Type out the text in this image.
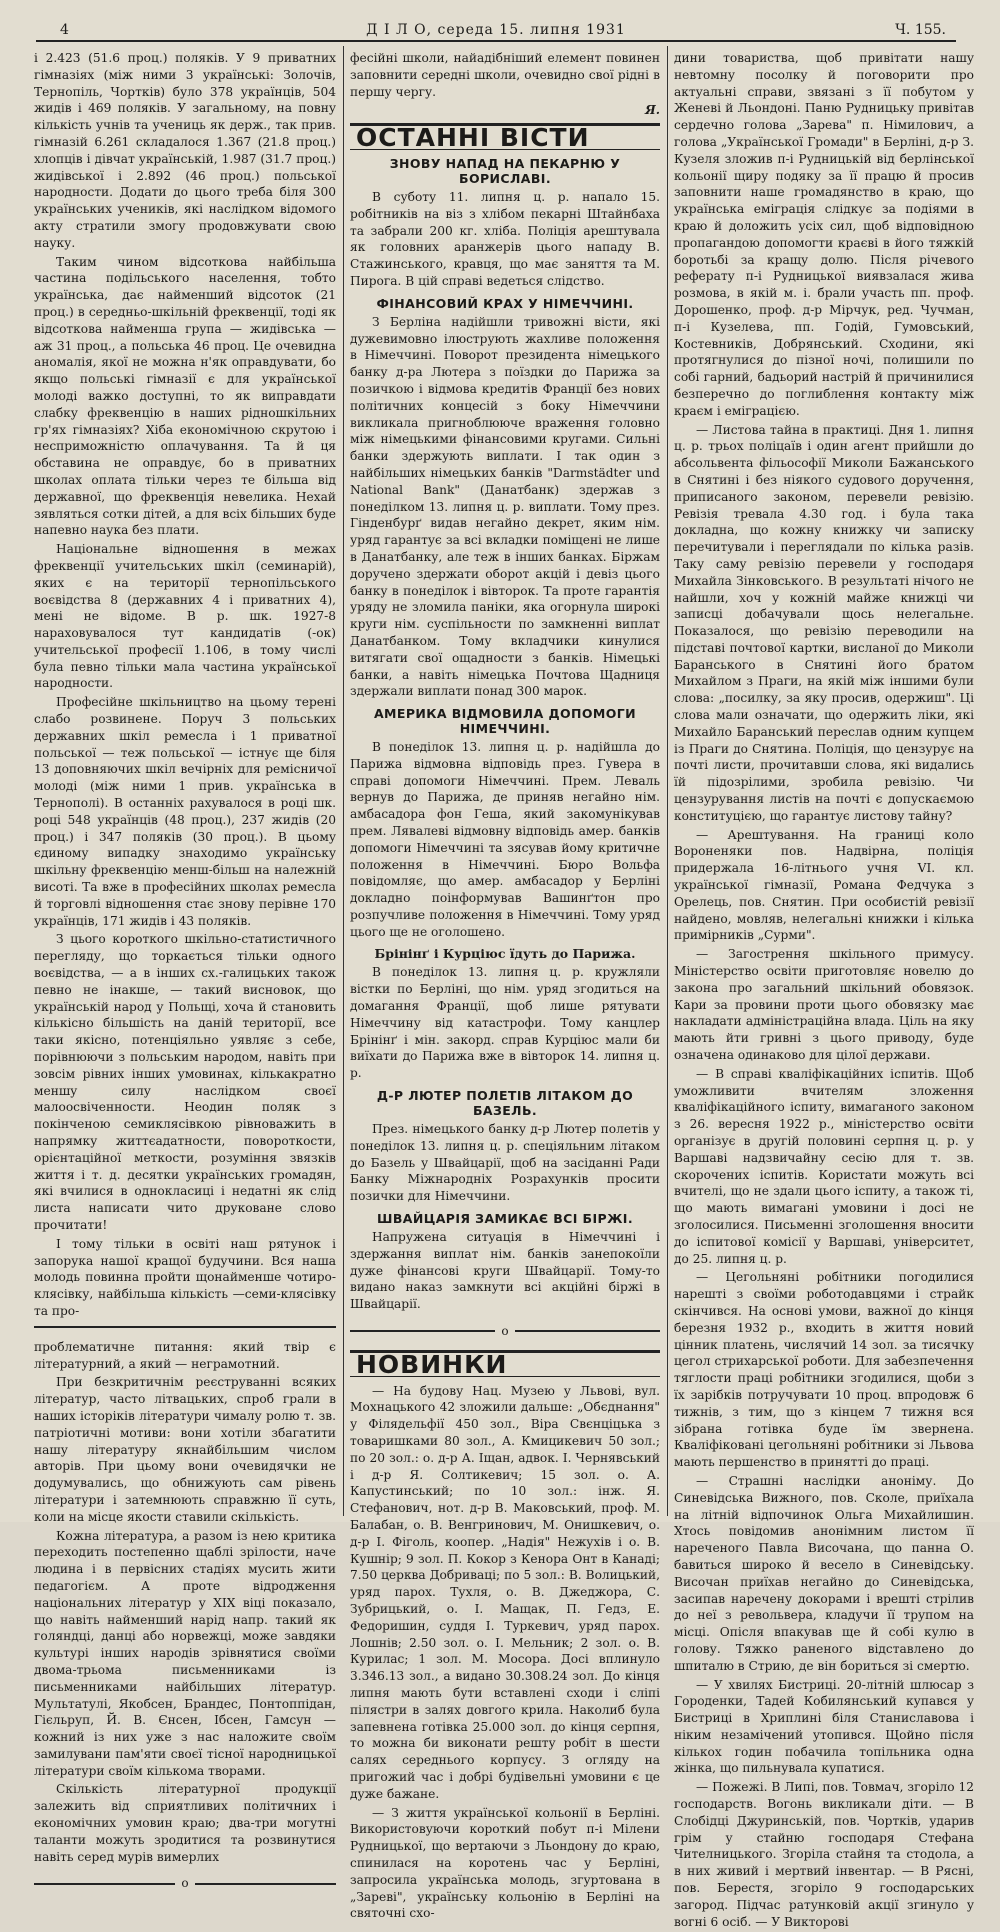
4	Д І Л О, середа 15. липня 1931	Ч. 155.

і 2.423 (51.6 проц.) поляків. У 9 приватних гімназіях (між ними 3 українські: Золочів, Тернопіль, Чортків) було 378 українців, 504 жидів і 469 поляків. У загальному, на повну кількість учнів та учениць як держ., так прив. гімназій 6.261 складалося 1.367 (21.8 проц.) хлопців і дівчат українській, 1.987 (31.7 проц.) жидівської і 2.892 (46 проц.) польської народности. Додати до цього треба біля 300 українських учеників, які наслідком відомого акту стратили змогу продовжувати свою науку.

Таким чином відсоткова найбільша частина подільського населення, тобто українська, дає найменший відсоток (21 проц.) в середньо-шкільній фреквенції, тоді як відсоткова найменша група — жидівська — аж 31 проц., а польська 46 проц. Це очевидна аномалія, якої не можна н'як оправдувати, бо якщо польські гімназії є для української молоді важко доступні, то як виправдати слабку фреквенцію в наших рідношкільних гр'ях гімназіях? Хіба економічною скрутою і несприможністю оплачування. Та й ця обставина не оправдує, бо в приватних школах оплата тільки через те більша від державної, що фреквенція невелика. Нехай зявляться сотки дітей, а для всіх більших буде напевно наука без плати.

Національне відношення в межах фреквенції учительських шкіл (семинарій), яких є на території тернопільського воєвідства 8 (державних 4 і приватних 4), мені не відоме. В р. шк. 1927-8 нараховувалося тут кандидатів (-ок) учительської професії 1.106, в тому числі була певно тільки мала частина української народности.

Професійне шкільництво на цьому терені слабо розвинене. Поруч 3 польських державних шкіл ремесла і 1 приватної польської — теж польської — істнує ще біля 13 доповняючих шкіл вечірніх для ремісничої молоді (між ними 1 прив. українська в Тернополі). В останніх рахувалося в році шк. році 548 українців (48 проц.), 237 жидів (20 проц.) і 347 поляків (30 проц.). В цьому єдиному випадку знаходимо українську шкільну фреквенцію менш-більш на належній висоті. Та вже в професійних школах ремесла й торговлі відношення стає знову перівне 170 українців, 171 жидів і 43 поляків.

З цього короткого шкільно-статистичного перегляду, що торкається тільки одного воєвідства, — а в інших сх.-галицьких також певно не інакше, — такий висновок, що українській народ у Польщі, хоча й становить кількісно більшість на даній території, все таки якісно, потенціяльно уявляє з себе, порівнюючи з польським народом, навіть при зовсім рівних інших умовинах, кількакратно меншу силу наслідком своєї малоосвіченности. Неодин поляк з покінченою семиклясівкою рівноважить в напрямку життєадатности, повороткости, орієнтаційної меткости, розуміння звязків життя і т. д. десятки українських громадян, які вчилися в однокласиці і недатні як слід листа написати чито друковане слово прочитати!

І тому тільки в освіті наш рятунок і запорука нашої кращої будучини. Вся наша молодь повинна пройти щонайменше чотиро-клясівку, найбільша кількість —семи-клясівку та про-

проблематичне питання: який твір є літературний, а який — неграмотний.

При безкритичнім реєструванні всяких літератур, часто літвацьких, спроб грали в наших історіків літератури чималу ролю т. зв. патріотичні мотиви: вони хотіли збагатити нашу літературу якнайбільшим числом авторів. При цьому вони очевидячки не додумувались, що обнижують сам рівень літератури і затемнюють справжню її суть, коли на місце якости ставили скількість.

Кожна література, а разом із нею критика переходить постепенно щаблі зрілости, наче людина і в первісних стадіях мусить жити педагогієм. А проте відродження національних літератур у XIX віці показало, що навіть найменший нарід напр. такий як голяндці, данці або норвежці, може завдяки культурі інших народів зрівнятися своїми двома-трьома письменниками із письменниками найбільших літератур. Мультатулі, Якобсен, Брандес, Понтоппідан, Гієльруп, Й. В. Єнсен, Ібсен, Гамсун — кожний із них уже з нас наложитe своїм замилувани пам'яти своєї тісної народницької літератури своїм кількома творами.

Скількість літературної продукції залежить від сприятливих політичних і економічних умовин краю; два-три могутні таланти можуть зродитися та розвинутися навіть серед мурів вимерлих

о

фесійні школи, найадібніший елемент повинен заповнити середні школи, очевидно свої рідні в першу чергу.

Я.
ОСТАННІ ВІСТИ
ЗНОВУ НАПАД НА ПЕКАРНЮ У БОРИСЛАВІ.

В суботу 11. липня ц. р. напало 15. робітників на віз з хлібом пекарні Штайнбаха та забрали 200 кг. хліба. Поліція арештувала як головних аранжерів цього нападу В. Стажинського, кравця, що має заняття та М. Пирога. В цій справі ведеться слідство.

ФІНАНСОВИЙ КРАХ У НІМЕЧЧИНІ.

З Берліна надійшли тривожні вісти, які дужевимовно ілюструють жахливе положення в Німеччині. Поворот президента німецького банку д-ра Лютера з поїздки до Парижа за позичкою і відмова кредитів Франції без нових політичних концесій з боку Німеччини викликала пригноблююче враження головно між німецькими фінансовими кругами. Сильні банки здержують виплати. І так один з найбільших німецьких банків "Darmstädter und National Bank" (Данатбанк) здержав з понеділком 13. липня ц. р. виплати. Тому през. Гінденбурґ видав негайно декрет, яким нім. уряд гарантує за всі вкладки поміщені не лише в Данатбанку, але теж в інших банках. Біржам доручено здержати оборот акцій і девіз цього банку в понеділок і вівторок. Та проте гарантія уряду не зломила паніки, яка огорнула широкі круги нім. суспільности по замкненні виплат Данатбанком. Тому вкладчики кинулися витягати свої ощадности з банків. Німецькі банки, а навіть німецька Почтова Щадниця здержали виплати понад 300 марок.

АМЕРИКА ВІДМОВИЛА ДОПОМОГИ НІМЕЧЧИНІ.

В понеділок 13. липня ц. р. надійшла до Парижа відмовна відповідь през. Гувера в справі допомоги Німеччині. Прем. Леваль вернув до Парижа, де приняв негайно нім. амбасадора фон Геша, який закомунікував прем. Лявалеві відмовну відповідь амер. банків допомоги Німеччині та зясував йому критичне положення в Німеччині. Бюро Вольфа повідомляє, що амер. амбасадор у Берліні докладно поінформував Вашинґтон про розпучливе положення в Німеччині. Тому уряд цього ще не оголошено.

Брінінґ і Курціюс їдуть до Парижа.

В понеділок 13. липня ц. р. кружляли вістки по Берліні, що нім. уряд згодиться на домагання Франції, щоб лише рятувати Німеччину від катастрофи. Тому канцлер Брінінґ і мін. закорд. справ Курціюс мали би виїхати до Парижа вже в вівторок 14. липня ц. р.

Д-Р ЛЮТЕР ПОЛЕТІВ ЛІТАКОМ ДО БАЗЕЛЬ.

През. німецького банку д-р Лютер полетів у понеділок 13. липня ц. р. спеціяльним літаком до Базель у Швайцарії, щоб на засіданні Ради Банку Міжнародніх Розрахунків просити позички для Німеччини.

ШВАЙЦАРІЯ ЗАМИКАЄ ВСІ БІРЖІ.

Напружена ситуація в Німеччині і здержання виплат нім. банків занепокоїли дуже фінансові круги Швайцарії. Тому-то видано наказ замкнути всі акційні біржі в Швайцарії.

о
НОВИНКИ

— На будову Нац. Музею у Львові, вул. Мохнацького 42 зложили дальше: „Обєднання" у Філядельфії 450 зол., Віра Свєнціцька з товаришками 80 зол., А. Кмицикевич 50 зол.; по 20 зол.: о. д-р А. Іщан, адвок. І. Чернявський і д-р Я. Солтикевич; 15 зол. о. А. Капустинський; по 10 зол.: інж. Я. Стефанович, нот. д-р В. Маковський, проф. М. Балабан, о. В. Венгринович, М. Онишкевич, о. д-р І. Фіголь, коопер. „Надія" Нежухів і о. В. Кушнір; 9 зол. П. Кокор з Кенора Онт в Канаді; 7.50 церква Добриваці; по 5 зол.: В. Волицький, уряд парох. Тухля, о. В. Джеджора, С. Зубрицький, о. І. Мащак, П. Гедз, Е. Федоришин, суддя І. Туркевич, уряд парох. Лошнів; 2.50 зол. о. І. Мельник; 2 зол. о. В. Курилас; 1 зол. М. Мосора. Досі вплинуло 3.346.13 зол., а видано 30.308.24 зол. До кінця липня мають бути вставлені сходи і сліпі пілястри в залях довгого крила. Наколиб була запевнена готівка 25.000 зол. до кінця серпня, то можна би виконати решту робіт в шести салях середнього корпусу. З огляду на пригожий час і добрі будівельні умовини є це дуже бажане.

— З життя української кольонії в Берліні. Використовуючи короткий побут п-і Мілени Рудницької, що вертаючи з Льондону до краю, спинилася на коротень час у Берліні, запросила українська молодь, згуртована в „Зареві", українську кольонію в Берліні на святочні схо-

дини товариства, щоб привітати нашу невтомну посолку й поговорити про актуальні справи, звязані з її побутом у Женеві й Льондоні. Паню Рудницьку привітав сердечно голова „Зарева" п. Німилович, а голова „Української Громади" в Берліні, д-р З. Кузеля зложив п-і Рудницькій від берлінської кольонії щиру подяку за її працю й просив заповнити наше громадянство в краю, що українська еміграція слідкує за подіями в краю й доложить усіх сил, щоб відповідною пропагандою допомогти краєві в його тяжкій боротьбі за кращу долю. Після річевого реферату п-і Рудницької виявзалася жива розмова, в якій м. і. брали участь пп. проф. Дорошенко, проф. д-р Мірчук, ред. Чучман, п-і Кузелева, пп. Годій, Гумовський, Костевників, Добрянський. Сходини, які протягнулися до пізної ночі, полишили по собі гарний, бадьорий настрій й причинилися безперечно до поглиблення контакту між краєм і еміграцією.

— Листова тайна в практиці. Дня 1. липня ц. р. трьох поліцаїв і один агент прийшли до абсольвента фільософії Миколи Бажанського в Снятині і без ніякого судового доручення, приписаного законом, перевели ревізію. Ревізія тревала 4.30 год. і була така докладна, що кожну книжку чи записку перечитували і переглядали по кілька разів. Таку саму ревізію перевели у господаря Михайла Зінковського. В результаті нічого не найшли, хоч у кожній майже книжці чи записці добачували щось нелегальне. Показалося, що ревізію переводили на підставі почтової картки, висланої до Миколи Баранського в Снятині його братом Михайлом з Праги, на якій між іншими були слова: „посилку, за яку просив, одержиш". Ці слова мали означати, що одержить ліки, які Михайло Баранський переслав одним купцем із Праги до Снятина. Поліція, що цензурує на почті листи, прочитавши слова, які видались їй підозрілими, зробила ревізію. Чи цензурування листів на почті є допускаємою конституцією, що гарантує листову тайну?

— Арештування. На границі коло Вороненяки пов. Надвірна, поліція придержала 16-літнього учня VI. кл. української гімназії, Романа Федчука з Орелець, пов. Снятин. При особистій ревізії найдено, мовляв, нелегальні книжки і кілька примірників „Сурми".

— Загострення шкільного примусу. Міністерство освіти приготовляє новелю до закона про загальний шкільний обовязок. Кари за провини проти цього обовязку має накладати адміністраційна влада. Ціль на яку мають йти гривні з цього приводу, буде означена одинаково для цілої держави.

— В справі кваліфікаційних іспитів. Щоб уможливити вчителям зложення кваліфікаційного іспиту, вимаганого законом з 26. вересня 1922 р., міністерство освіти організує в другій половині серпня ц. р. у Варшаві надзвичайну сесію для т. зв. скорочених іспитів. Користати можуть всі вчителі, що не здали цього іспиту, а також ті, що мають вимагані умовини і досі не зголосилися. Письменні зголошення вносити до іспитової комісії у Варшаві, університет, до 25. липня ц. р.

— Цегольняні робітники погодилися нарешті з своїми роботодавцями і страйк скінчився. На основі умови, важної до кінця березня 1932 р., входить в життя новий цінник платень, числячий 14 зол. за тисячку цегол стрихарської роботи. Для забезпечення тяглости праці робітники згодилися, щоби з їх зарібків потручувати 10 проц. впродовж 6 тижнів, з тим, що з кінцем 7 тижня вся зібрана готівка буде їм звернена. Кваліфіковані цегольняні робітники зі Львова мають першенство в принятті до праці.

— Страшні наслідки аноніму. До Синевідська Вижного, пов. Сколе, приїхала на літній відпочинок Ольга Михайлишин. Хтось повідомив анонімним листом її нареченого Павла Височана, що панна О. бавиться широко й весело в Синевідську. Височан приїхав негайно до Синевідська, засипав наречену докорами і врешті стрілив до неї з револьвера, кладучи її трупом на місці. Опісля впакував ще й собі кулю в голову. Тяжко раненого відставлено до шпиталю в Стрию, де він бориться зі смертю.

— У хвилях Бистриці. 20-літній шлюсар з Городенки, Тадей Кобилянський купався у Бистриці в Хриплині біля Станиславова і ніким незамічений утопився. Щойно після кількох годин побачила топільника одна жінка, що пильнувала купатися.

— Пожежі. В Липі, пов. Товмач, згоріло 12 господарств. Вогонь викликали діти. — В Слобідці Джуринській, пов. Чортків, ударив грім у стайню господаря Стефана Чителницького. Згоріла стайня та стодола, а в них живий і мертвий інвентар. — В Рясні, пов. Берестя, згоріло 9 господарських загород. Підчас ратунковій акції згинуло у вогні 6 осіб. — У Викторові
